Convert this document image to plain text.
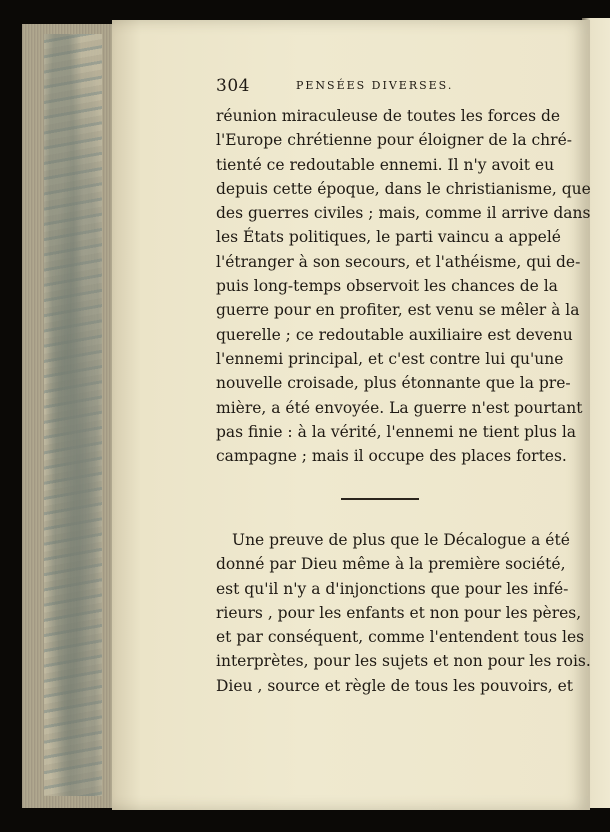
304	PENSÉES DIVERSES.
réunion miraculeuse de toutes les forces de
l'Europe chrétienne pour éloigner de la chré-
tienté ce redoutable ennemi. Il n'y avoit eu
depuis cette époque, dans le christianisme, que
des guerres civiles ; mais, comme il arrive dans
les États politiques, le parti vaincu a appelé
l'étranger à son secours, et l'athéisme, qui de-
puis long-temps observoit les chances de la
guerre pour en profiter, est venu se mêler à la
querelle ; ce redoutable auxiliaire est devenu
l'ennemi principal, et c'est contre lui qu'une
nouvelle croisade, plus étonnante que la pre-
mière, a été envoyée. La guerre n'est pourtant
pas finie : à la vérité, l'ennemi ne tient plus la
campagne ; mais il occupe des places fortes.
Une preuve de plus que le Décalogue a été
donné par Dieu même à la première société,
est qu'il n'y a d'injonctions que pour les infé-
rieurs , pour les enfants et non pour les pères,
et par conséquent, comme l'entendent tous les
interprètes, pour les sujets et non pour les rois.
Dieu , source et règle de tous les pouvoirs, et
